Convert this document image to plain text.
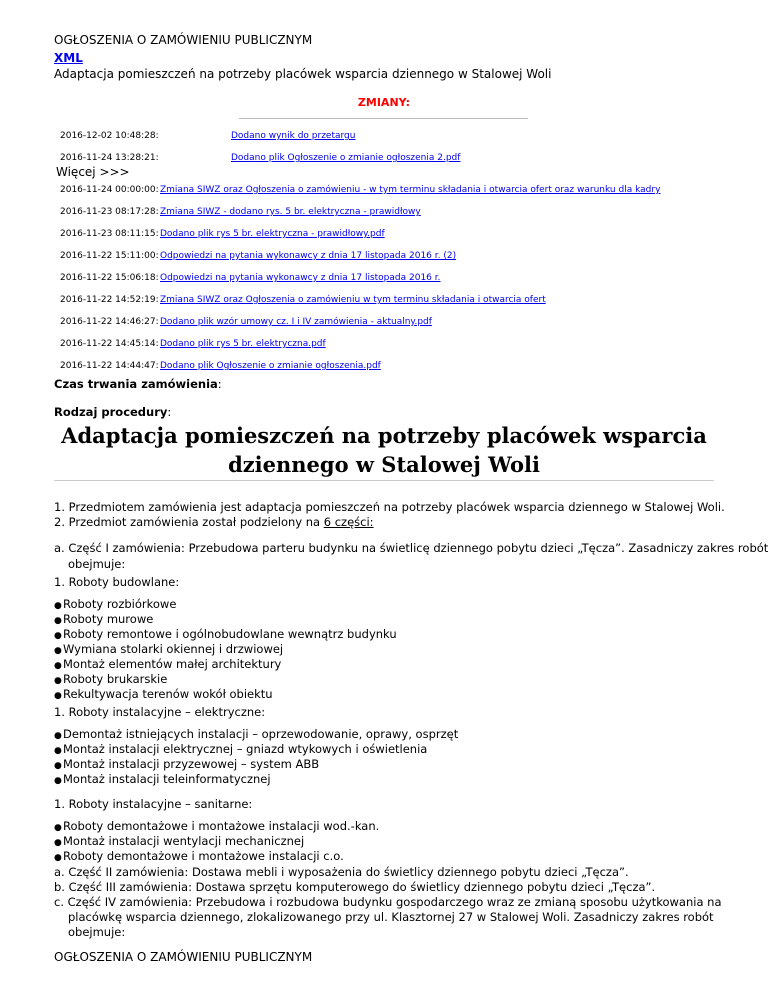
OGŁOSZENIA O ZAMÓWIENIU PUBLICZNYM
XML
Adaptacja pomieszczeń na potrzeby placówek wsparcia dziennego w Stalowej Woli
ZMIANY:
2016-12-02 10:48:28:	Dodano wynik do przetargu
2016-11-24 13:28:21:	Dodano plik Ogłoszenie o zmianie ogłoszenia 2.pdf
Więcej >>>
2016-11-24 00:00:00: Zmiana SIWZ oraz Ogłoszenia o zamówieniu - w tym terminu składania i otwarcia ofert oraz warunku dla kadry
2016-11-23 08:17:28: Zmiana SIWZ - dodano rys. 5 br. elektryczna - prawidłowy
2016-11-23 08:11:15: Dodano plik rys 5 br. elektryczna - prawidłowy.pdf
2016-11-22 15:11:00: Odpowiedzi na pytania wykonawcy z dnia 17 listopada 2016 r. (2)
2016-11-22 15:06:18: Odpowiedzi na pytania wykonawcy z dnia 17 listopada 2016 r.
2016-11-22 14:52:19: Zmiana SIWZ oraz Ogłoszenia o zamówieniu w tym terminu składania i otwarcia ofert
2016-11-22 14:46:27: Dodano plik wzór umowy cz. I i IV zamówienia - aktualny.pdf
2016-11-22 14:45:14: Dodano plik rys 5 br. elektryczna.pdf
2016-11-22 14:44:47: Dodano plik Ogłoszenie o zmianie ogłoszenia.pdf
Czas trwania zamówienia:
Rodzaj procedury:
Adaptacja pomieszczeń na potrzeby placówek wsparcia
dziennego w Stalowej Woli
1. Przedmiotem zamówienia jest adaptacja pomieszczeń na potrzeby placówek wsparcia dziennego w Stalowej Woli.
2. Przedmiot zamówienia został podzielony na 6 części:
a. Część I zamówienia: Przebudowa parteru budynku na świetlicę dziennego pobytu dzieci „Tęcza”. Zasadniczy zakres robót
obejmuje:
1. Roboty budowlane:
●Roboty rozbiórkowe
●Roboty murowe
●Roboty remontowe i ogólnobudowlane wewnątrz budynku
●Wymiana stolarki okiennej i drzwiowej
●Montaż elementów małej architektury
●Roboty brukarskie
●Rekultywacja terenów wokół obiektu
1. Roboty instalacyjne – elektryczne:
●Demontaż istniejących instalacji – oprzewodowanie, oprawy, osprzęt
●Montaż instalacji elektrycznej – gniazd wtykowych i oświetlenia
●Montaż instalacji przyzewowej – system ABB
●Montaż instalacji teleinformatycznej
1. Roboty instalacyjne – sanitarne:
●Roboty demontażowe i montażowe instalacji wod.-kan.
●Montaż instalacji wentylacji mechanicznej
●Roboty demontażowe i montażowe instalacji c.o.
a. Część II zamówienia: Dostawa mebli i wyposażenia do świetlicy dziennego pobytu dzieci „Tęcza”.
b. Część III zamówienia: Dostawa sprzętu komputerowego do świetlicy dziennego pobytu dzieci „Tęcza”.
c. Część IV zamówienia: Przebudowa i rozbudowa budynku gospodarczego wraz ze zmianą sposobu użytkowania na
placówkę wsparcia dziennego, zlokalizowanego przy ul. Klasztornej 27 w Stalowej Woli. Zasadniczy zakres robót
obejmuje:
OGŁOSZENIA O ZAMÓWIENIU PUBLICZNYM
